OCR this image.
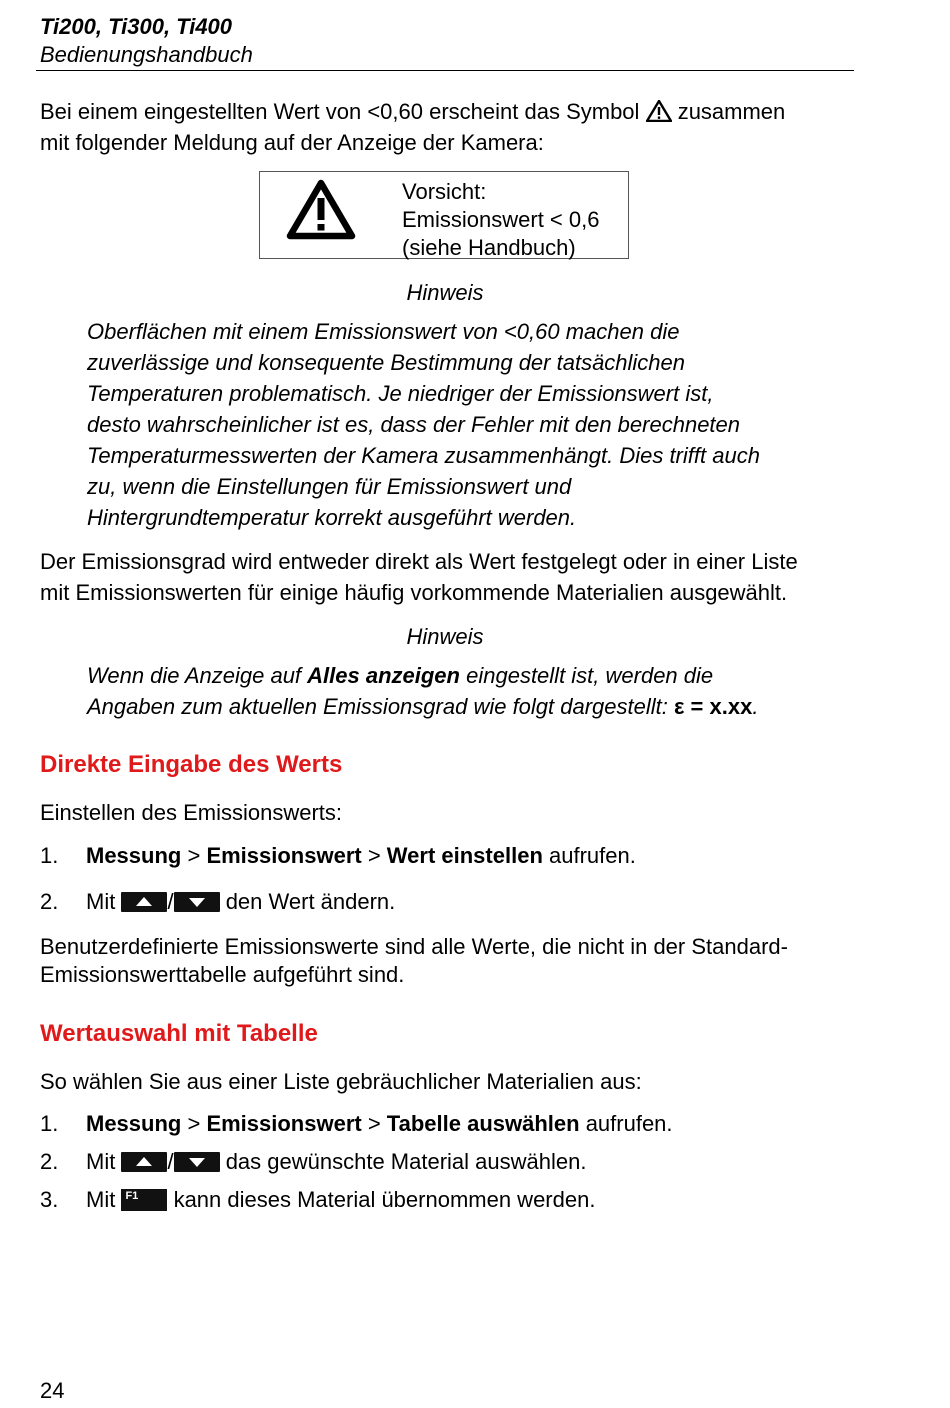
Ti200, Ti300, Ti400
Bedienungshandbuch
Bei einem eingestellten Wert von <0,60 erscheint das Symbol zusammen
mit folgender Meldung auf der Anzeige der Kamera:
Vorsicht:
Emissionswert < 0,6
(siehe Handbuch)
Hinweis
Oberflächen mit einem Emissionswert von <0,60 machen die
zuverlässige und konsequente Bestimmung der tatsächlichen
Temperaturen problematisch. Je niedriger der Emissionswert ist,
desto wahrscheinlicher ist es, dass der Fehler mit den berechneten
Temperaturmesswerten der Kamera zusammenhängt. Dies trifft auch
zu, wenn die Einstellungen für Emissionswert und
Hintergrundtemperatur korrekt ausgeführt werden.
Der Emissionsgrad wird entweder direkt als Wert festgelegt oder in einer Liste
mit Emissionswerten für einige häufig vorkommende Materialien ausgewählt.
Hinweis
Wenn die Anzeige auf Alles anzeigen eingestellt ist, werden die
Angaben zum aktuellen Emissionsgrad wie folgt dargestellt: ε = x.xx.
Direkte Eingabe des Werts
Einstellen des Emissionswerts:
1. Messung > Emissionswert > Wert einstellen aufrufen.
2. Mit
/
den Wert ändern.
Benutzerdefinierte Emissionswerte sind alle Werte, die nicht in der Standard-
Emissionswerttabelle aufgeführt sind.
Wertauswahl mit Tabelle
So wählen Sie aus einer Liste gebräuchlicher Materialien aus:
1. Messung > Emissionswert > Tabelle auswählen aufrufen.
2. Mit
/
das gewünschte Material auswählen.
3. Mit F1 kann dieses Material übernommen werden.
24
